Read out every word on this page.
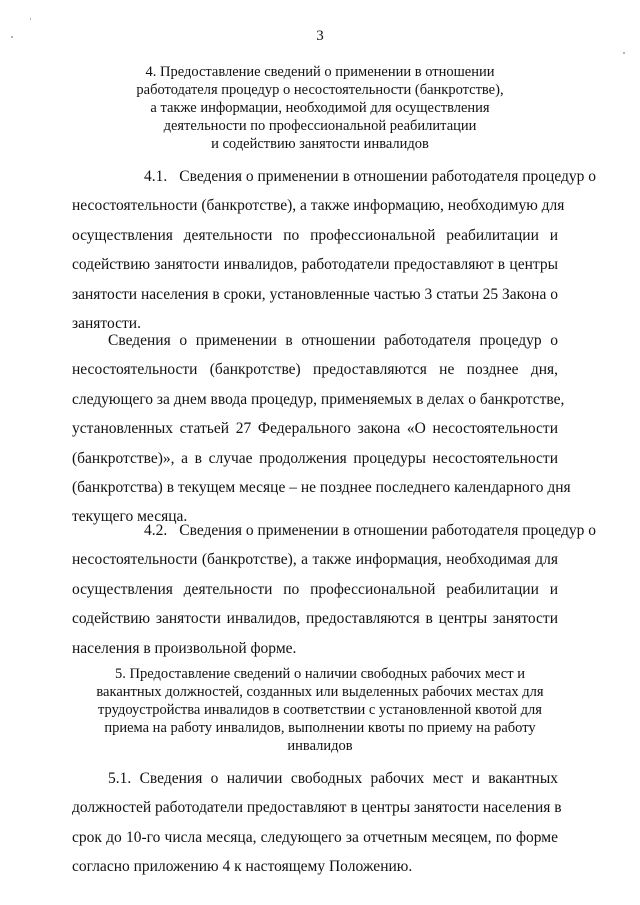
3
4. Предоставление сведений о применении в отношении
работодателя процедур о несостоятельности (банкротстве),
а также информации, необходимой для осуществления
деятельности по профессиональной реабилитации
и содействию занятости инвалидов
4.1. Сведения о применении в отношении работодателя процедур о
несостоятельности (банкротстве), а также информацию, необходимую для
осуществления деятельности по профессиональной реабилитации и
содействию занятости инвалидов, работодатели предоставляют в центры
занятости населения в сроки, установленные частью 3 статьи 25 Закона о
занятости.
Сведения о применении в отношении работодателя процедур о
несостоятельности (банкротстве) предоставляются не позднее дня,
следующего за днем ввода процедур, применяемых в делах о банкротстве,
установленных статьей 27 Федерального закона «О несостоятельности
(банкротстве)», а в случае продолжения процедуры несостоятельности
(банкротства) в текущем месяце – не позднее последнего календарного дня
текущего месяца.
4.2. Сведения о применении в отношении работодателя процедур о
несостоятельности (банкротстве), а также информация, необходимая для
осуществления деятельности по профессиональной реабилитации и
содействию занятости инвалидов, предоставляются в центры занятости
населения в произвольной форме.
5. Предоставление сведений о наличии свободных рабочих мест и
вакантных должностей, созданных или выделенных рабочих местах для
трудоустройства инвалидов в соответствии с установленной квотой для
приема на работу инвалидов, выполнении квоты по приему на работу
инвалидов
5.1. Сведения о наличии свободных рабочих мест и вакантных
должностей работодатели предоставляют в центры занятости населения в
срок до 10-го числа месяца, следующего за отчетным месяцем, по форме
согласно приложению 4 к настоящему Положению.
